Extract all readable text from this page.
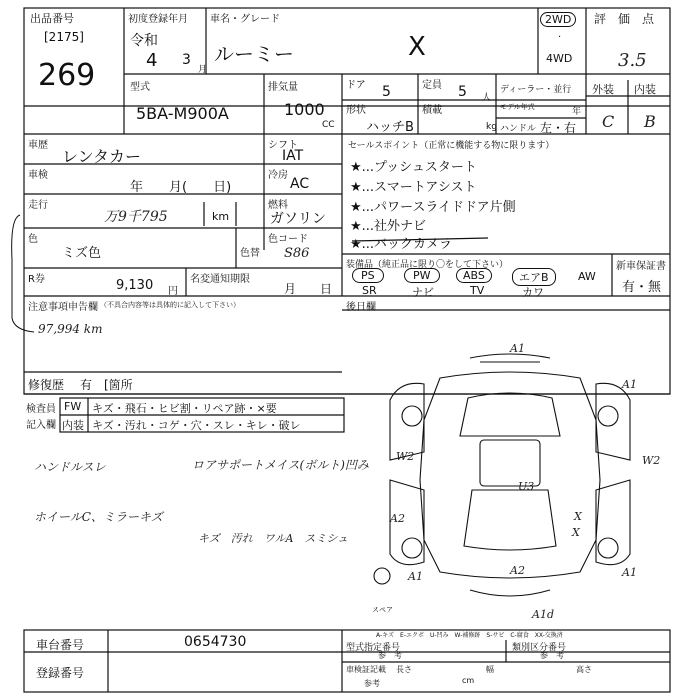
出品番号
[2175]
269
初度登録年月
令和
4 3
月
車名・グレード
ルーミー	X
2WD
·
4WD
評　価　点
3.5
型式
5BA-M900A
排気量
1000
CC
ドア 5	定員 5 人
ディーラー・並行
モデル年式	年
形状
ハッチB
積載
kg ハンドル 左・右
外装 内装
C B
車歴
レンタカー
車検
年　　月(　　日)
走行
万9千795	km
色
ミズ色	色替
R券	9,130 円
名変通知期限
月　　日
シフト
IAT
冷房
AC
燃料
ガソリン
色コード
S86
セールスポイント（正常に機能する物に限ります）
★...プッシュスタート
★...スマートアシスト
★...パワースライドドア片側
★...社外ナビ
★...バックカメラ
装備品（純正品に限り〇をして下さい）
PS	PW	ABS	エアB	AW
SR	ナビ	TV	カワ
新車保証書
有・無
注意事項申告欄 （不具合内容等は具体的に記入して下さい）
97,994 km
修復歴 有　[箇所
後日欄
検査員
記入欄
FW キズ・飛石・ヒビ割・リペア跡・×要
内装 キズ・汚れ・コゲ・穴・スレ・キレ・破レ
ハンドルスレ	ロアサポートメイス(ボルト)凹み
ホイールC、ミラーキズ
キズ　汚れ　ワルA　スミシュ
A1
A1
W2	W2
A2
A1	A1
A2
U3
X
X
A1d
スペア
A-キズ　E-エクボ　U-凹み　W-補修跡　S-サビ　C-腐食　XX-交換済
車台番号	0654730
登録番号
型式指定番号
参　考
類別区分番号
参　考
車検証記載 長さ	幅	高さ
cm
参考
